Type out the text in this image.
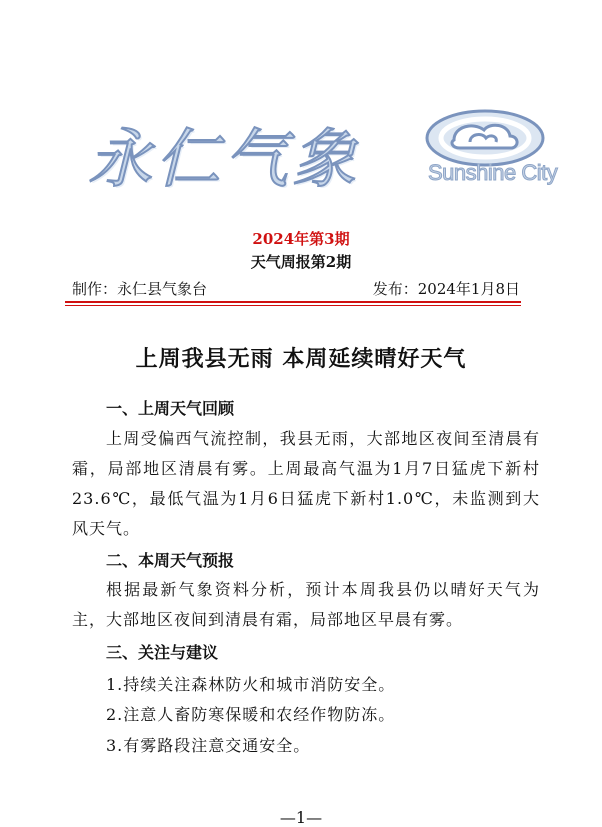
永仁气象	Sunshine City
2024年第3期
天气周报第2期
制作：永仁县气象台	发布：2024年1月8日
上周我县无雨 本周延续晴好天气
一、上周天气回顾
上周受偏西气流控制，我县无雨，大部地区夜间至清晨有霜，局部地区清晨有雾。上周最高气温为1月7日猛虎下新村23.6℃，最低气温为1月6日猛虎下新村1.0℃，未监测到大风天气。
二、本周天气预报
根据最新气象资料分析，预计本周我县仍以晴好天气为主，大部地区夜间到清晨有霜，局部地区早晨有雾。
三、关注与建议
1.持续关注森林防火和城市消防安全。
2.注意人畜防寒保暖和农经作物防冻。
3.有雾路段注意交通安全。
—1—
